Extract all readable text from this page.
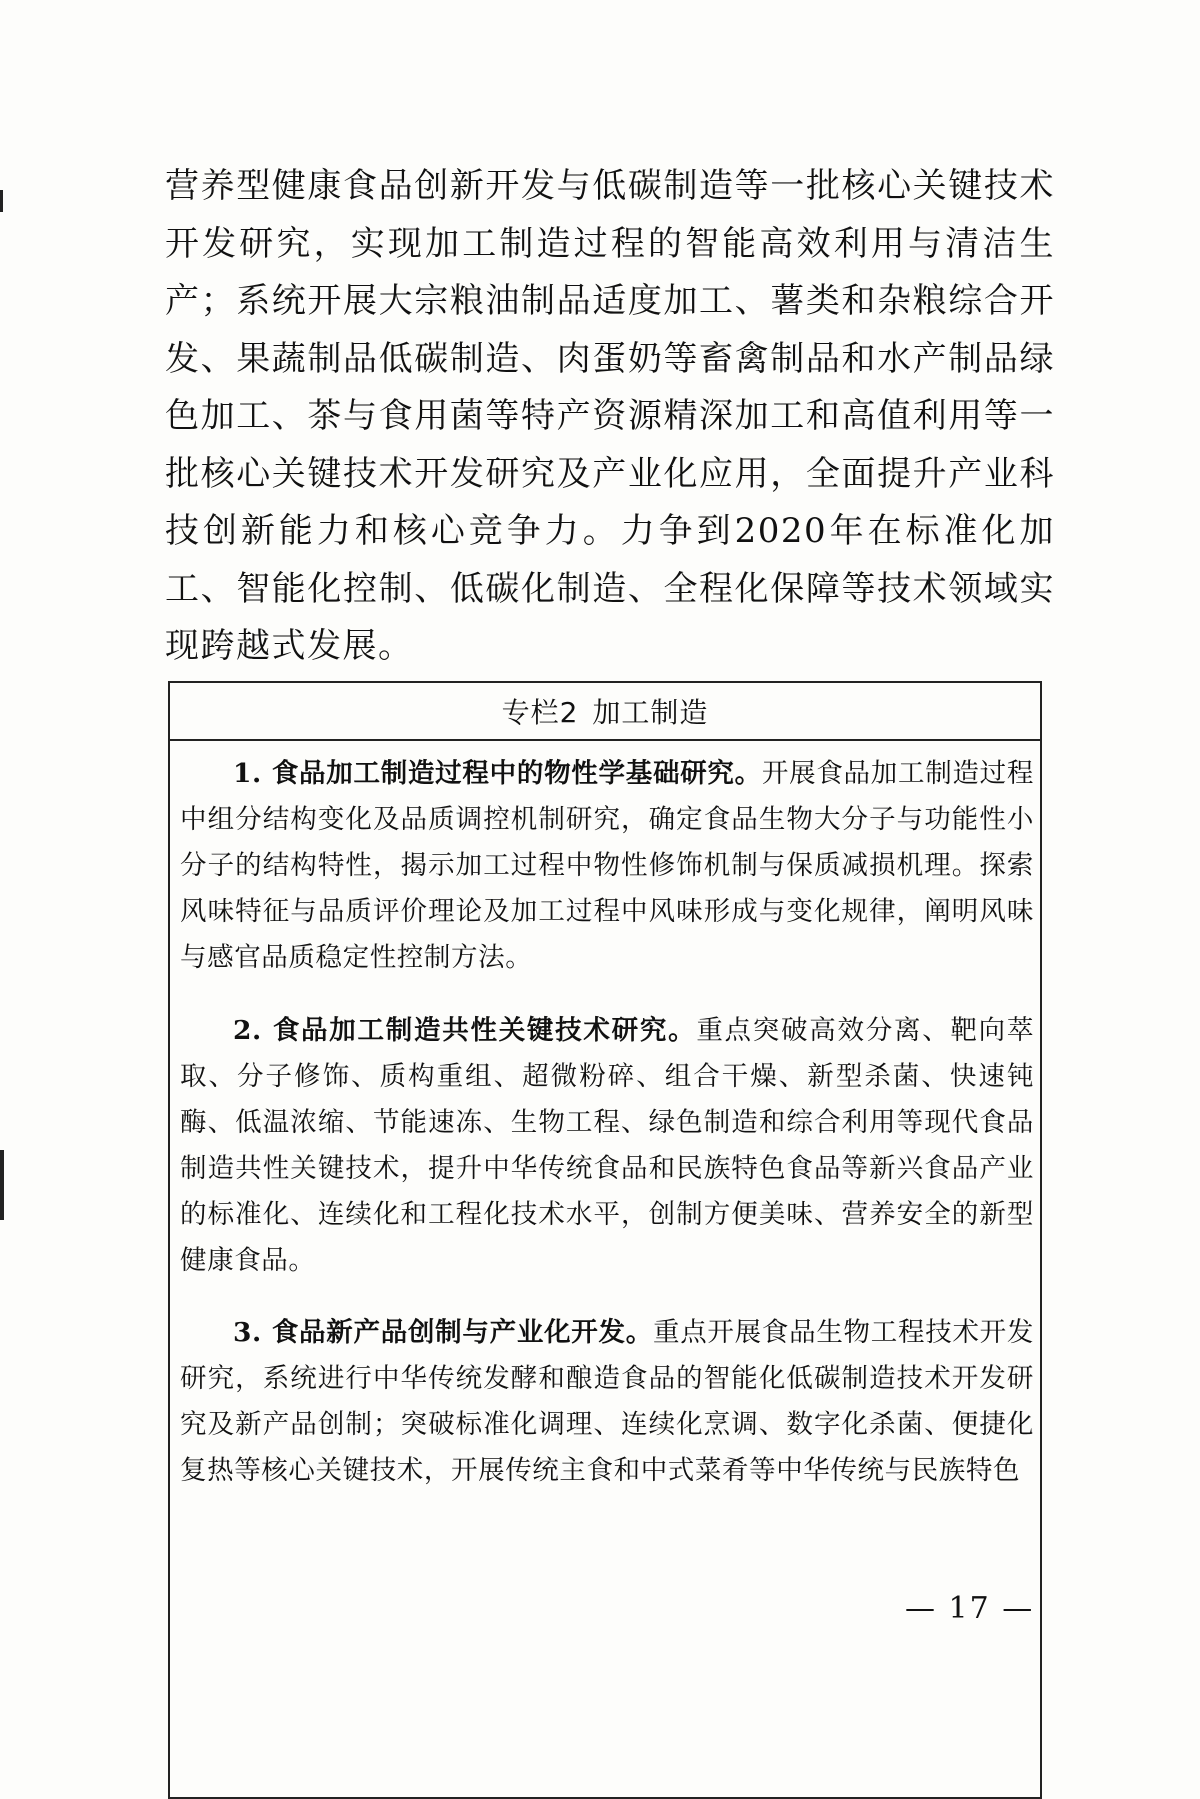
营养型健康食品创新开发与低碳制造等一批核心关键技术开发研究，实现加工制造过程的智能高效利用与清洁生产；系统开展大宗粮油制品适度加工、薯类和杂粮综合开发、果蔬制品低碳制造、肉蛋奶等畜禽制品和水产制品绿色加工、茶与食用菌等特产资源精深加工和高值利用等一批核心关键技术开发研究及产业化应用，全面提升产业科技创新能力和核心竞争力。力争到2020年在标准化加工、智能化控制、低碳化制造、全程化保障等技术领域实现跨越式发展。
专栏2 加工制造

1. 食品加工制造过程中的物性学基础研究。开展食品加工制造过程中组分结构变化及品质调控机制研究，确定食品生物大分子与功能性小分子的结构特性，揭示加工过程中物性修饰机制与保质减损机理。探索风味特征与品质评价理论及加工过程中风味形成与变化规律，阐明风味与感官品质稳定性控制方法。

2. 食品加工制造共性关键技术研究。重点突破高效分离、靶向萃取、分子修饰、质构重组、超微粉碎、组合干燥、新型杀菌、快速钝酶、低温浓缩、节能速冻、生物工程、绿色制造和综合利用等现代食品制造共性关键技术，提升中华传统食品和民族特色食品等新兴食品产业的标准化、连续化和工程化技术水平，创制方便美味、营养安全的新型健康食品。

3. 食品新产品创制与产业化开发。重点开展食品生物工程技术开发研究，系统进行中华传统发酵和酿造食品的智能化低碳制造技术开发研究及新产品创制；突破标准化调理、连续化烹调、数字化杀菌、便捷化复热等核心关键技术，开展传统主食和中式菜肴等中华传统与民族特色

— 17 —
